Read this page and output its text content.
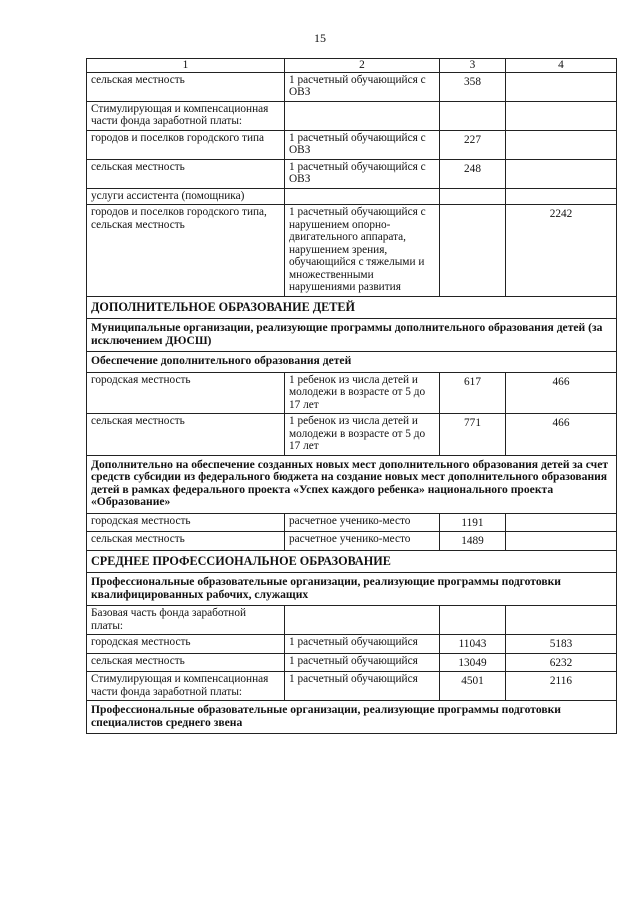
15
1	2	3	4
сельская местность	1 расчетный обучающийся с ОВЗ	358	
Стимулирующая и компенсационная части фонда заработной платы:			
городов и поселков городского типа	1 расчетный обучающийся с ОВЗ	227	
сельская местность	1 расчетный обучающийся с ОВЗ	248	
услуги ассистента (помощника)			
городов и поселков городского типа, сельская местность	1 расчетный обучающийся с нарушением опорно-двигательного аппарата, нарушением зрения, обучающийся с тяжелыми и множественными нарушениями развития		2242
ДОПОЛНИТЕЛЬНОЕ ОБРАЗОВАНИЕ ДЕТЕЙ			
Муниципальные организации, реализующие программы дополнительного образования детей (за исключением ДЮСШ)			
Обеспечение дополнительного образования детей			
городская местность	1 ребенок из числа детей и молодежи в возрасте от 5 до 17 лет	617	466
сельская местность	1 ребенок из числа детей и молодежи в возрасте от 5 до 17 лет	771	466
Дополнительно на обеспечение созданных новых мест дополнительного образования детей за счет средств субсидии из федерального бюджета на создание новых мест дополнительного образования детей в рамках федерального проекта «Успех каждого ребенка» национального проекта «Образование»			
городская местность	расчетное ученико-место	1191	
сельская местность	расчетное ученико-место	1489	
СРЕДНЕЕ ПРОФЕССИОНАЛЬНОЕ ОБРАЗОВАНИЕ			
Профессиональные образовательные организации, реализующие программы подготовки квалифицированных рабочих, служащих			
Базовая часть фонда заработной платы:			
городская местность	1 расчетный обучающийся	11043	5183
сельская местность	1 расчетный обучающийся	13049	6232
Стимулирующая и компенсационная части фонда заработной платы:	1 расчетный обучающийся	4501	2116
Профессиональные образовательные организации, реализующие программы подготовки специалистов среднего звена			
